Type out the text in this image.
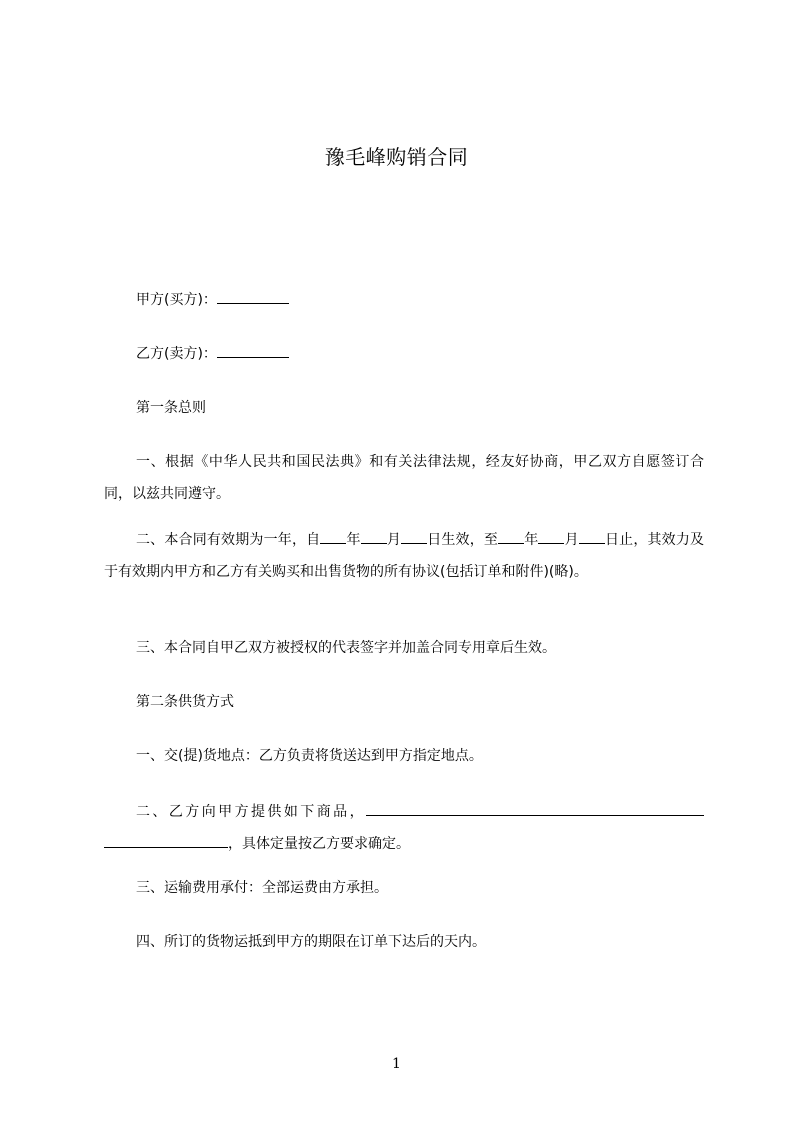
豫毛峰购销合同
甲方(买方)：
乙方(卖方)：
第一条总则
一、根据《中华人民共和国民法典》和有关法律法规，经友好协商，甲乙双方自愿签订合同，以兹共同遵守。
二、本合同有效期为一年，自 年 月 日生效，至 年 月 日止，其效力及于有效期内甲方和乙方有关购买和出售货物的所有协议(包括订单和附件)(略)。
三、本合同自甲乙双方被授权的代表签字并加盖合同专用章后生效。
第二条供货方式
一、交(提)货地点：乙方负责将货送达到甲方指定地点。
二、乙方向甲方提供如下商品，，具体定量按乙方要求确定。
三、运输费用承付：全部运费由方承担。
四、所订的货物运抵到甲方的期限在订单下达后的天内。
1
